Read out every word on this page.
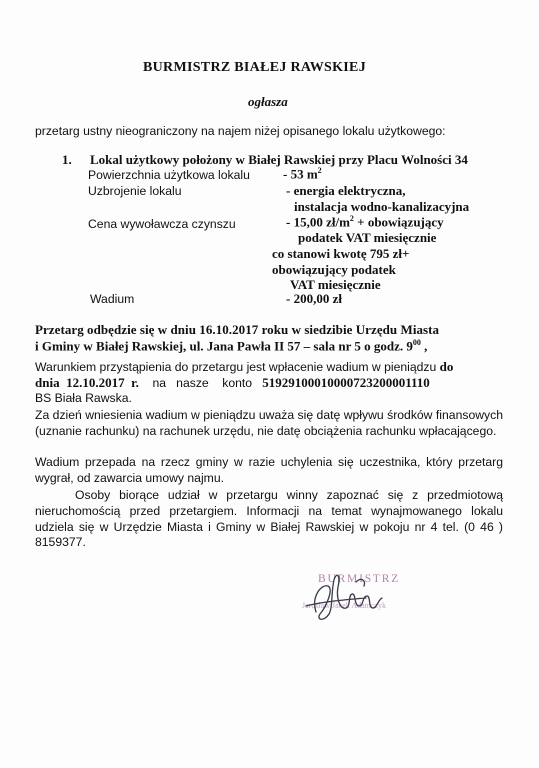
BURMISTRZ BIAŁEJ RAWSKIEJ
ogłasza
przetarg ustny nieograniczony na najem niżej opisanego lokalu użytkowego:
1. Lokal użytkowy położony w Białej Rawskiej przy Placu Wolności 34
Powierzchnia użytkowa lokalu	- 53 $m^2$
Uzbrojenie lokalu	- energia elektryczna,
instalacja wodno-kanalizacyjna
Cena wywoławcza czynszu	- 15,00 $zł/m^2$ + obowiązujący
podatek VAT miesięcznie
co stanowi kwotę 795 zł+
obowiązujący podatek
VAT miesięcznie
Wadium	- 200,00 zł
Przetarg odbędzie się w dniu 16.10.2017 roku w siedzibie Urzędu Miasta
i Gminy w Białej Rawskiej, ul. Jana Pawła II 57 – sala nr 5 o godz. $9^{00}$ ,
Warunkiem przystąpienia do przetargu jest wpłacenie wadium w pieniądzu do
dnia  12.10.2017  r.    na   nasze    konto   51929100010000723200001110
BS Biała Rawska.
Za dzień wniesienia wadium w pieniądzu uważa się datę wpływu środków finansowych (uznanie rachunku) na rachunek urzędu, nie datę obciążenia rachunku wpłacającego.
Wadium przepada na rzecz gminy w razie uchylenia się uczestnika, który przetarg wygrał, od zawarcia umowy najmu.
Osoby biorące udział w przetargu winny zapoznać się z przedmiotową nieruchomością przed przetargiem. Informacji na temat wynajmowanego lokalu udziela się w Urzędzie Miasta i Gminy w Białej Rawskiej w pokoju nr 4 tel. (0 46 ) 8159377.
BURMISTRZ
Jarosław Jacek Adamczyk
